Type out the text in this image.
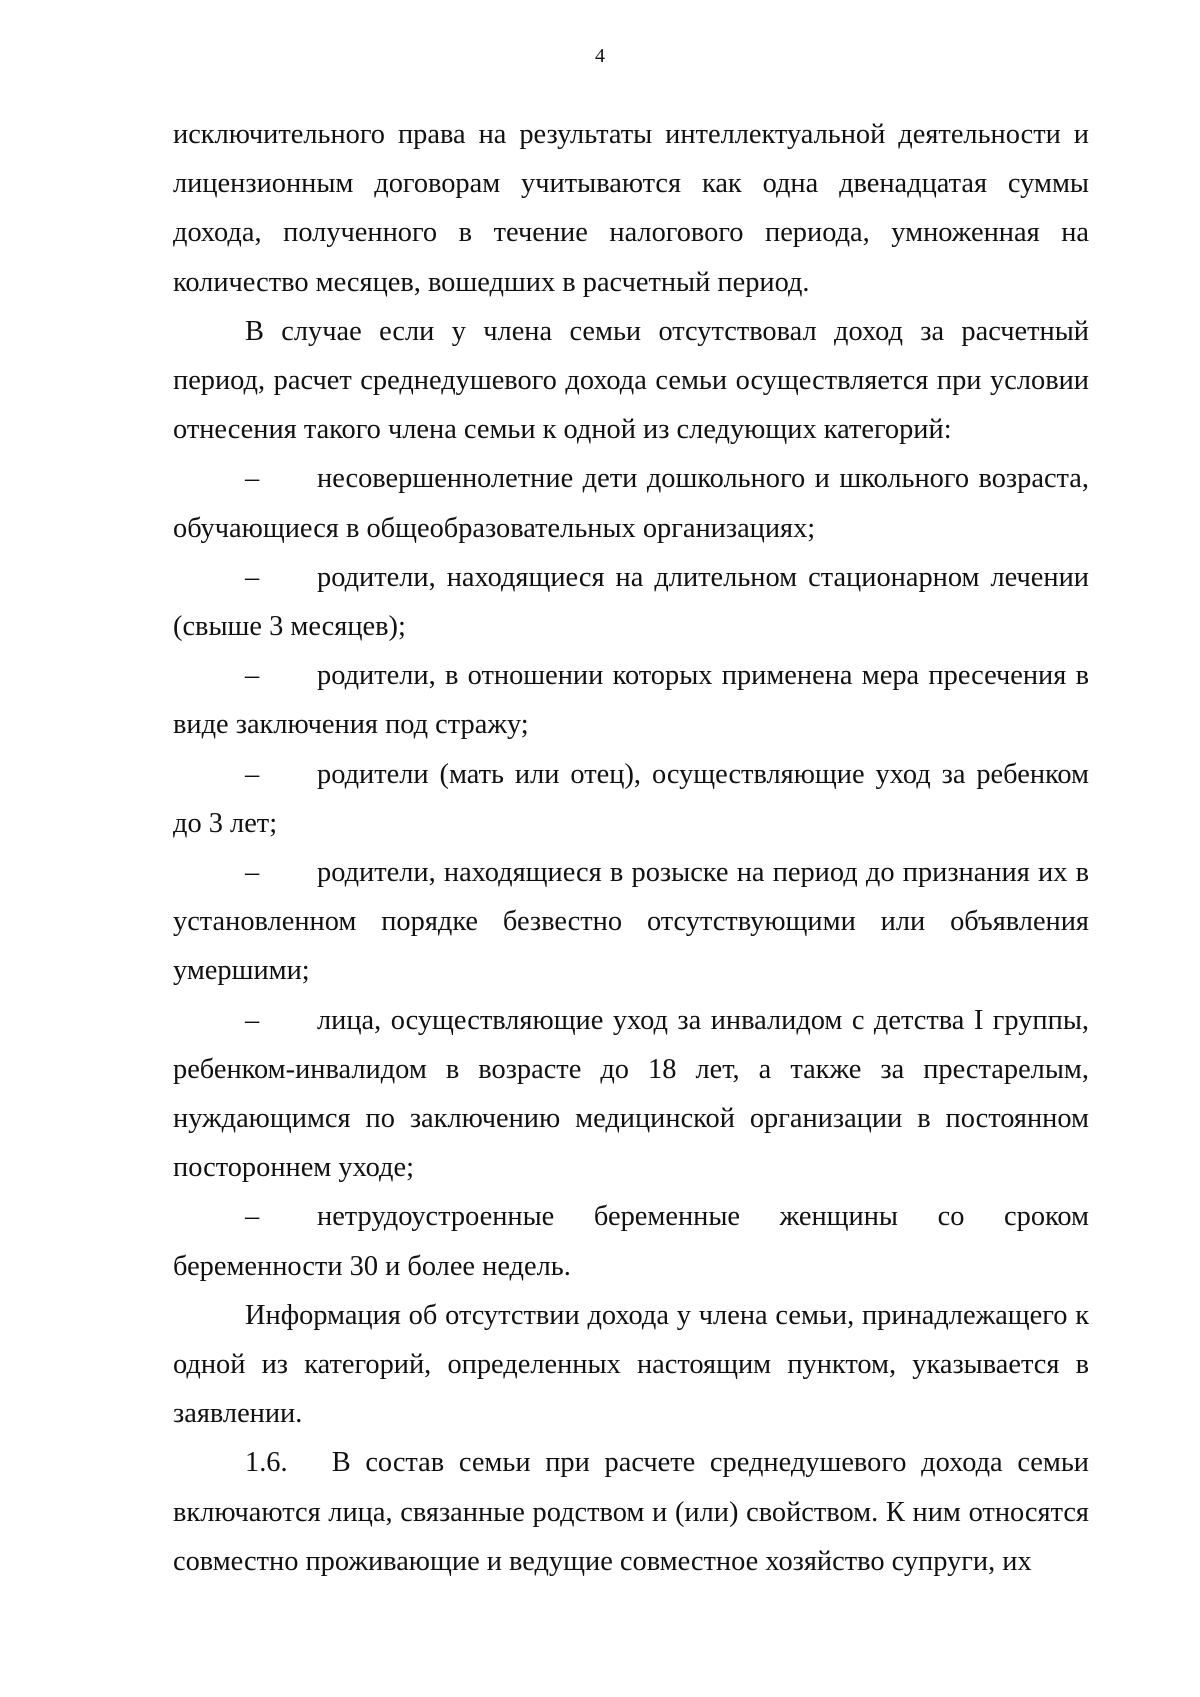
4

исключительного права на результаты интеллектуальной деятельности и лицензионным договорам учитываются как одна двенадцатая суммы дохода, полученного в течение налогового периода, умноженная на количество месяцев, вошедших в расчетный период.

В случае если у члена семьи отсутствовал доход за расчетный период, расчет среднедушевого дохода семьи осуществляется при условии отнесения такого члена семьи к одной из следующих категорий:

– несовершеннолетние дети дошкольного и школьного возраста, обучающиеся в общеобразовательных организациях;

– родители, находящиеся на длительном стационарном лечении (свыше 3 месяцев);

– родители, в отношении которых применена мера пресечения в виде заключения под стражу;

– родители (мать или отец), осуществляющие уход за ребенком до 3 лет;

– родители, находящиеся в розыске на период до признания их в установленном порядке безвестно отсутствующими или объявления умершими;

– лица, осуществляющие уход за инвалидом с детства I группы, ребенком-инвалидом в возрасте до 18 лет, а также за престарелым, нуждающимся по заключению медицинской организации в постоянном постороннем уходе;

– нетрудоустроенные беременные женщины со сроком беременности 30 и более недель.

Информация об отсутствии дохода у члена семьи, принадлежащего к одной из категорий, определенных настоящим пунктом, указывается в заявлении.

1.6. В состав семьи при расчете среднедушевого дохода семьи включаются лица, связанные родством и (или) свойством. К ним относятся совместно проживающие и ведущие совместное хозяйство супруги, их
